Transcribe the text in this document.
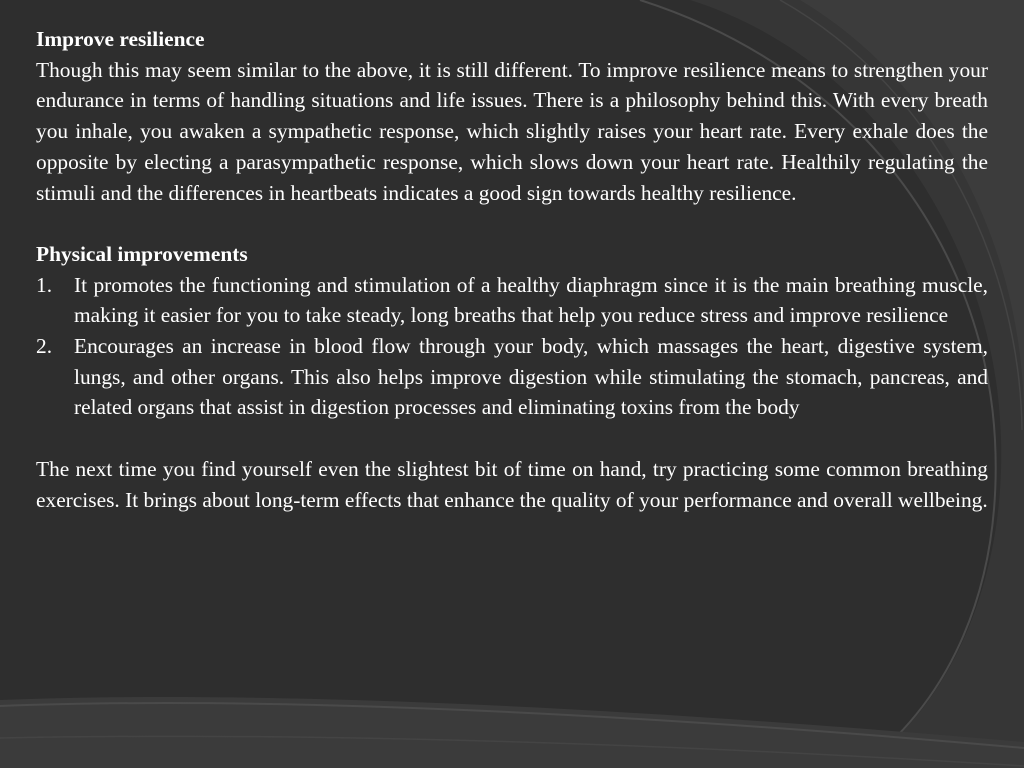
Improve resilience

Though this may seem similar to the above, it is still different. To improve resilience means to strengthen your endurance in terms of handling situations and life issues. There is a philosophy behind this. With every breath you inhale, you awaken a sympathetic response, which slightly raises your heart rate. Every exhale does the opposite by electing a parasympathetic response, which slows down your heart rate. Healthily regulating the stimuli and the differences in heartbeats indicates a good sign towards healthy resilience.

Physical improvements

1. It promotes the functioning and stimulation of a healthy diaphragm since it is the main breathing muscle, making it easier for you to take steady, long breaths that help you reduce stress and improve resilience
2. Encourages an increase in blood flow through your body, which massages the heart, digestive system, lungs, and other organs. This also helps improve digestion while stimulating the stomach, pancreas, and related organs that assist in digestion processes and eliminating toxins from the body

The next time you find yourself even the slightest bit of time on hand, try practicing some common breathing exercises. It brings about long-term effects that enhance the quality of your performance and overall wellbeing.
